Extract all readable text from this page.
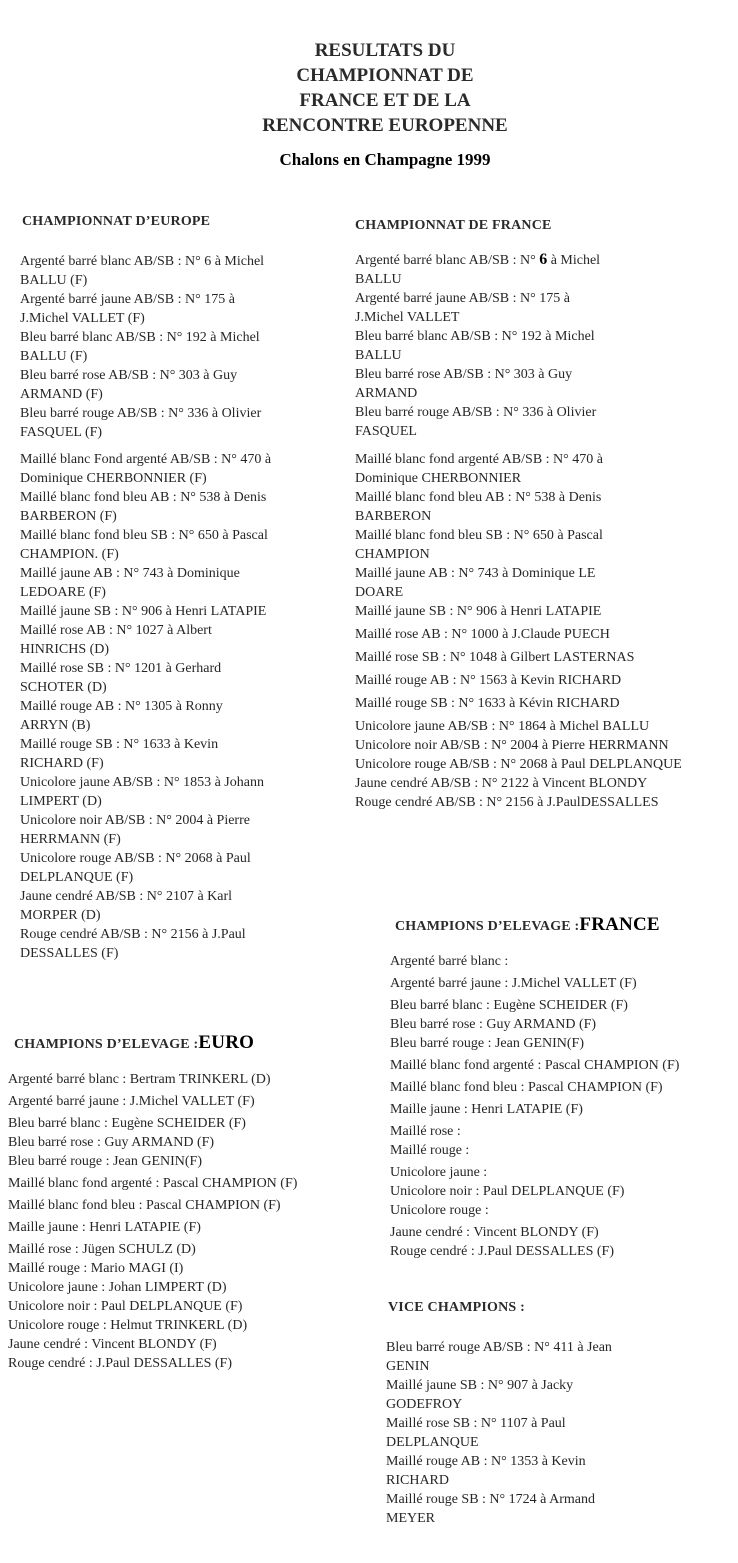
RESULTATS DU
CHAMPIONNAT DE
FRANCE ET DE LA
RENCONTRE EUROPENNE
Chalons en Champagne 1999
CHAMPIONNAT D’EUROPE

Argenté barré blanc AB/SB : N° 6 à Michel
BALLU (F)

Argenté barré jaune AB/SB : N° 175 à
J.Michel VALLET (F)

Bleu barré blanc AB/SB : N° 192 à Michel
BALLU (F)

Bleu barré rose AB/SB : N° 303 à Guy
ARMAND (F)

Bleu barré rouge AB/SB : N° 336 à Olivier
FASQUEL (F)

Maillé blanc Fond argenté AB/SB : N° 470 à
Dominique CHERBONNIER (F)

Maillé blanc fond bleu AB : N° 538 à Denis
BARBERON (F)

Maillé blanc fond bleu SB : N° 650 à Pascal
CHAMPION. (F)

Maillé jaune AB : N° 743 à Dominique
LEDOARE (F)

Maillé jaune SB : N° 906 à Henri LATAPIE

Maillé rose AB : N° 1027 à Albert
HINRICHS (D)

Maillé rose SB : N° 1201 à Gerhard
SCHOTER (D)

Maillé rouge AB : N° 1305 à Ronny
ARRYN (B)

Maillé rouge SB : N° 1633 à Kevin
RICHARD (F)

Unicolore jaune AB/SB : N° 1853 à Johann
LIMPERT (D)

Unicolore noir AB/SB : N° 2004 à Pierre
HERRMANN (F)

Unicolore rouge AB/SB : N° 2068 à Paul
DELPLANQUE (F)

Jaune cendré AB/SB : N° 2107 à Karl
MORPER (D)

Rouge cendré AB/SB : N° 2156 à J.Paul
DESSALLES (F)

CHAMPIONNAT DE FRANCE

Argenté barré blanc AB/SB : N° 6 à Michel
BALLU

Argenté barré jaune AB/SB : N° 175 à
J.Michel VALLET

Bleu barré blanc AB/SB : N° 192 à Michel
BALLU

Bleu barré rose AB/SB : N° 303 à Guy
ARMAND

Bleu barré rouge AB/SB : N° 336 à Olivier
FASQUEL

Maillé blanc fond argenté AB/SB : N° 470 à
Dominique CHERBONNIER

Maillé blanc fond bleu AB : N° 538 à Denis
BARBERON

Maillé blanc fond bleu SB : N° 650 à Pascal
CHAMPION

Maillé jaune AB : N° 743 à Dominique LE
DOARE

Maillé jaune SB : N° 906 à Henri LATAPIE

Maillé rose AB : N° 1000 à J.Claude PUECH

Maillé rose SB : N° 1048 à Gilbert LASTERNAS

Maillé rouge AB : N° 1563 à Kevin RICHARD

Maillé rouge SB : N° 1633 à Kévin RICHARD

Unicolore jaune AB/SB : N° 1864 à Michel BALLU

Unicolore noir AB/SB : N° 2004 à Pierre HERRMANN

Unicolore rouge AB/SB : N° 2068 à Paul DELPLANQUE

Jaune cendré AB/SB : N° 2122 à Vincent BLONDY

Rouge cendré AB/SB : N° 2156 à J.PaulDESSALLES

CHAMPIONS D’ELEVAGE :FRANCE

Argenté barré blanc :

Argenté barré jaune : J.Michel VALLET (F)

Bleu barré blanc : Eugène SCHEIDER (F)

Bleu barré rose : Guy ARMAND (F)

Bleu barré rouge : Jean GENIN(F)

Maillé blanc fond argenté : Pascal CHAMPION (F)

Maillé blanc fond bleu : Pascal CHAMPION (F)

Maille jaune : Henri LATAPIE (F)

Maillé rose :

Maillé rouge :

Unicolore jaune :

Unicolore noir : Paul DELPLANQUE (F)

Unicolore rouge :

Jaune cendré : Vincent BLONDY (F)

Rouge cendré : J.Paul DESSALLES (F)

CHAMPIONS D’ELEVAGE :EURO

Argenté barré blanc : Bertram TRINKERL (D)

Argenté barré jaune : J.Michel VALLET (F)

Bleu barré blanc : Eugène SCHEIDER (F)

Bleu barré rose : Guy ARMAND (F)

Bleu barré rouge : Jean GENIN(F)

Maillé blanc fond argenté : Pascal CHAMPION (F)

Maillé blanc fond bleu : Pascal CHAMPION (F)

Maille jaune : Henri LATAPIE (F)

Maillé rose : Jügen SCHULZ (D)

Maillé rouge : Mario MAGI (I)

Unicolore jaune : Johan LIMPERT (D)

Unicolore noir : Paul DELPLANQUE (F)

Unicolore rouge : Helmut TRINKERL (D)

Jaune cendré : Vincent BLONDY (F)

Rouge cendré : J.Paul DESSALLES (F)

VICE CHAMPIONS :

Bleu barré rouge AB/SB : N° 411 à Jean
GENIN

Maillé jaune SB : N° 907 à Jacky
GODEFROY

Maillé rose SB : N° 1107 à Paul
DELPLANQUE

Maillé rouge AB : N° 1353 à Kevin
RICHARD

Maillé rouge SB : N° 1724 à Armand
MEYER
